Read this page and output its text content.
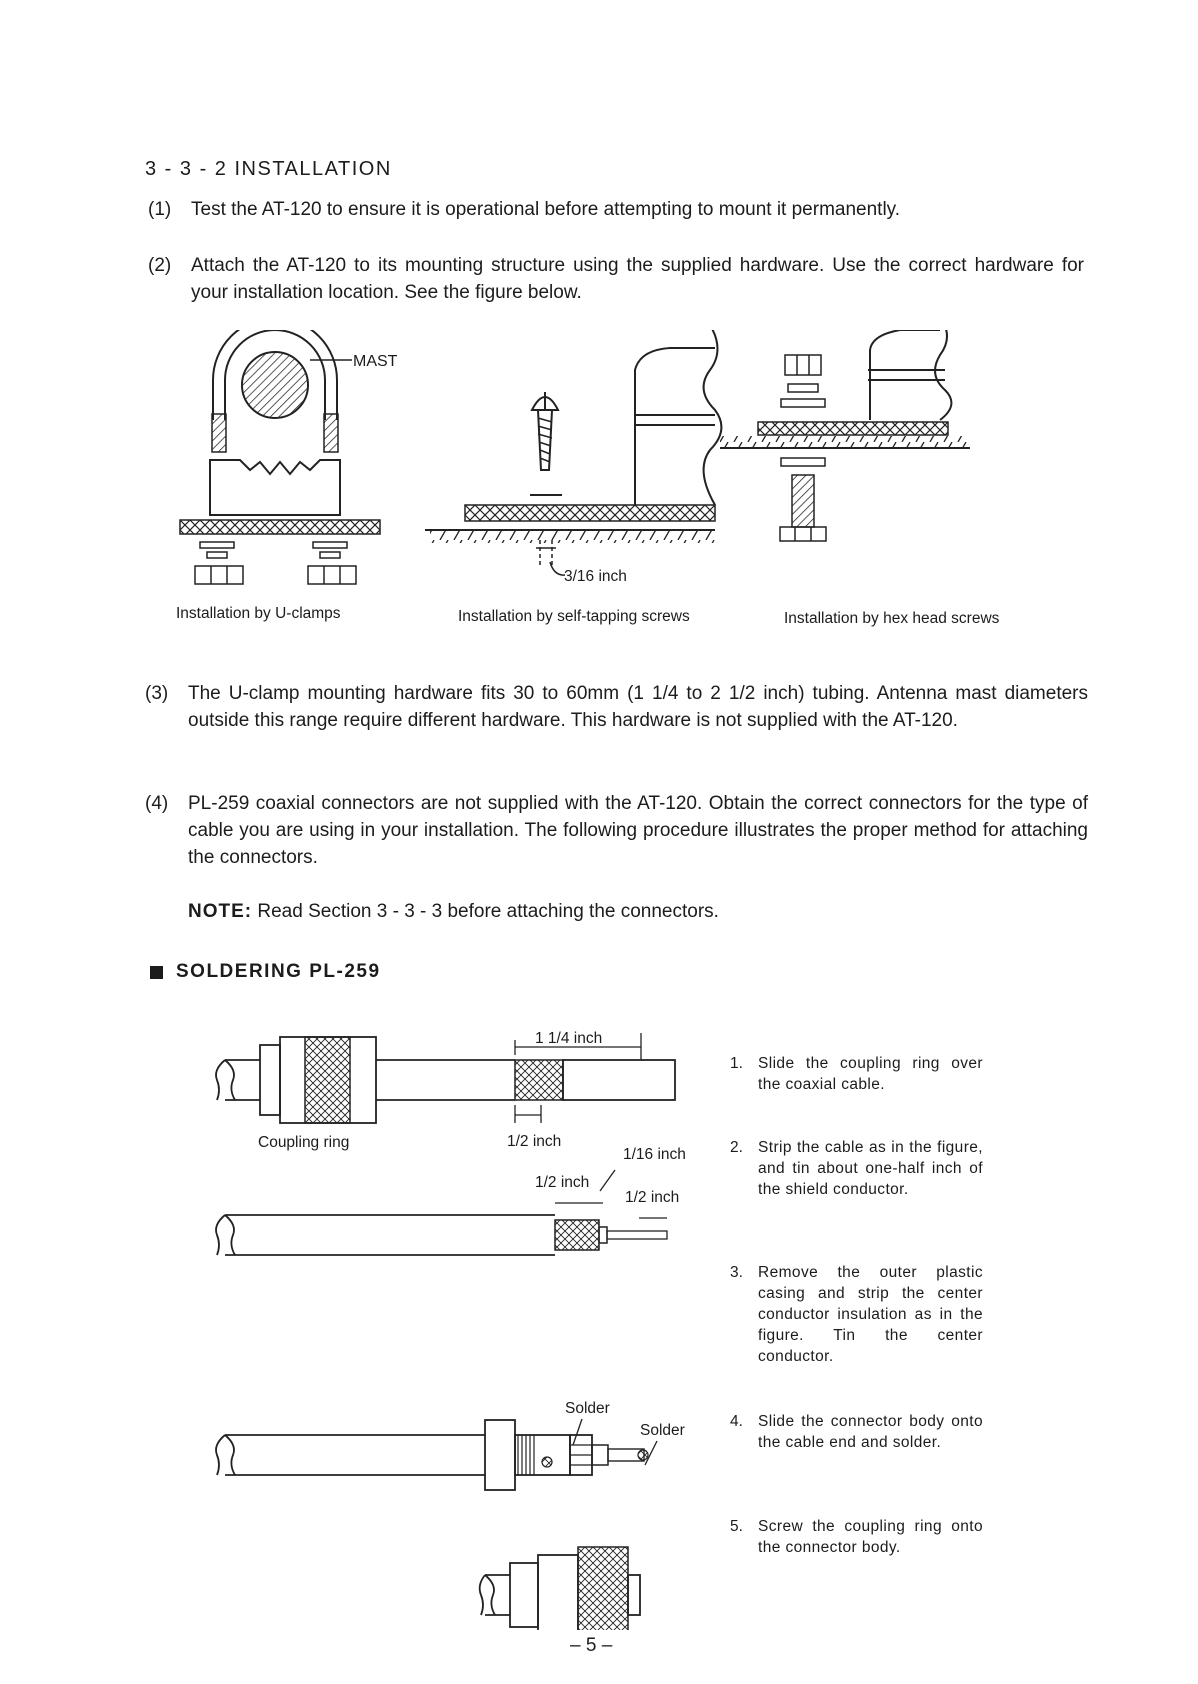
3 - 3 - 2 INSTALLATION
(1) Test the AT-120 to ensure it is operational before attempting to mount it permanently.
(2) Attach the AT-120 to its mounting structure using the supplied hardware. Use the correct hardware for your installation location. See the figure below.
MAST
3/16 inch
Installation by U-clamps	Installation by self-tapping screws	Installation by hex head screws
(3) The U-clamp mounting hardware fits 30 to 60mm (1 1/4 to 2 1/2 inch) tubing. Antenna mast diameters outside this range require different hardware. This hardware is not supplied with the AT-120.
(4) PL-259 coaxial connectors are not supplied with the AT-120. Obtain the correct connectors for the type of cable you are using in your installation. The following procedure illustrates the proper method for attaching the connectors.
NOTE: Read Section 3 - 3 - 3 before attaching the connectors.
SOLDERING PL-259
1 1/4 inch
1/2 inch
Coupling ring
1/16 inch
1/2 inch
1/2 inch
Solder
Solder
1. Slide the coupling ring over the coaxial cable.
2. Strip the cable as in the figure, and tin about one-half inch of the shield conductor.
3. Remove the outer plastic casing and strip the center conductor insulation as in the figure. Tin the center conductor.
4. Slide the connector body onto the cable end and solder.
5. Screw the coupling ring onto the connector body.
– 5 –
